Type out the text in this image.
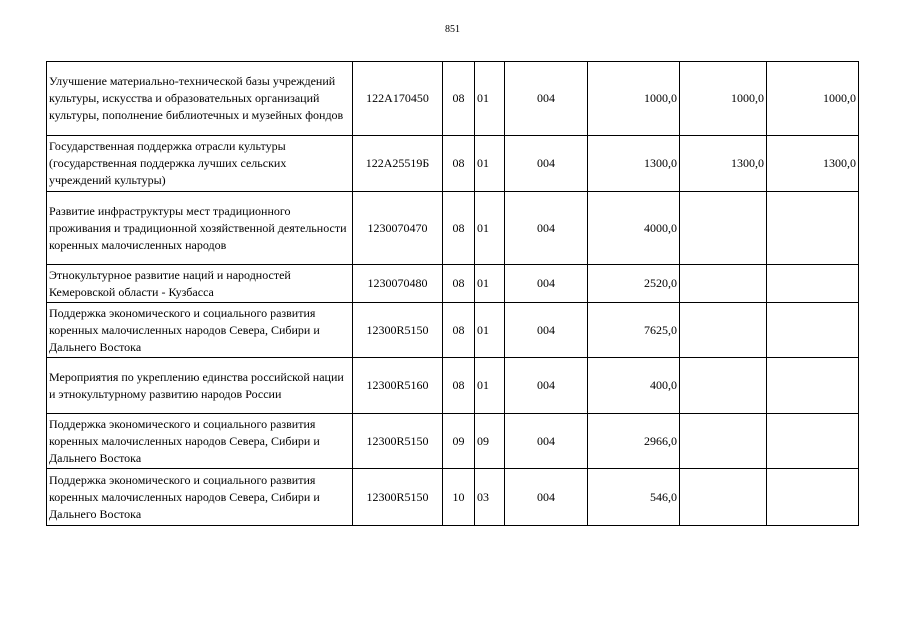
851
Улучшение материально-технической базы учреждений культуры, искусства и образовательных организаций культуры, пополнение библиотечных и музейных фондов	122A170450	08	01	004	1000,0	1000,0	1000,0
Государственная поддержка отрасли культуры (государственная поддержка лучших сельских учреждений культуры)	122A25519Б	08	01	004	1300,0	1300,0	1300,0
Развитие инфраструктуры мест традиционного проживания и традиционной хозяйственной деятельности коренных малочисленных народов	1230070470	08	01	004	4000,0		
Этнокультурное развитие наций и народностей Кемеровской области - Кузбасса	1230070480	08	01	004	2520,0		
Поддержка экономического и социального развития коренных малочисленных народов Севера, Сибири и Дальнего Востока	12300R5150	08	01	004	7625,0		
Мероприятия по укреплению единства российской нации и этнокультурному развитию народов России	12300R5160	08	01	004	400,0		
Поддержка экономического и социального развития коренных малочисленных народов Севера, Сибири и Дальнего Востока	12300R5150	09	09	004	2966,0		
Поддержка экономического и социального развития коренных малочисленных народов Севера, Сибири и Дальнего Востока	12300R5150	10	03	004	546,0		
